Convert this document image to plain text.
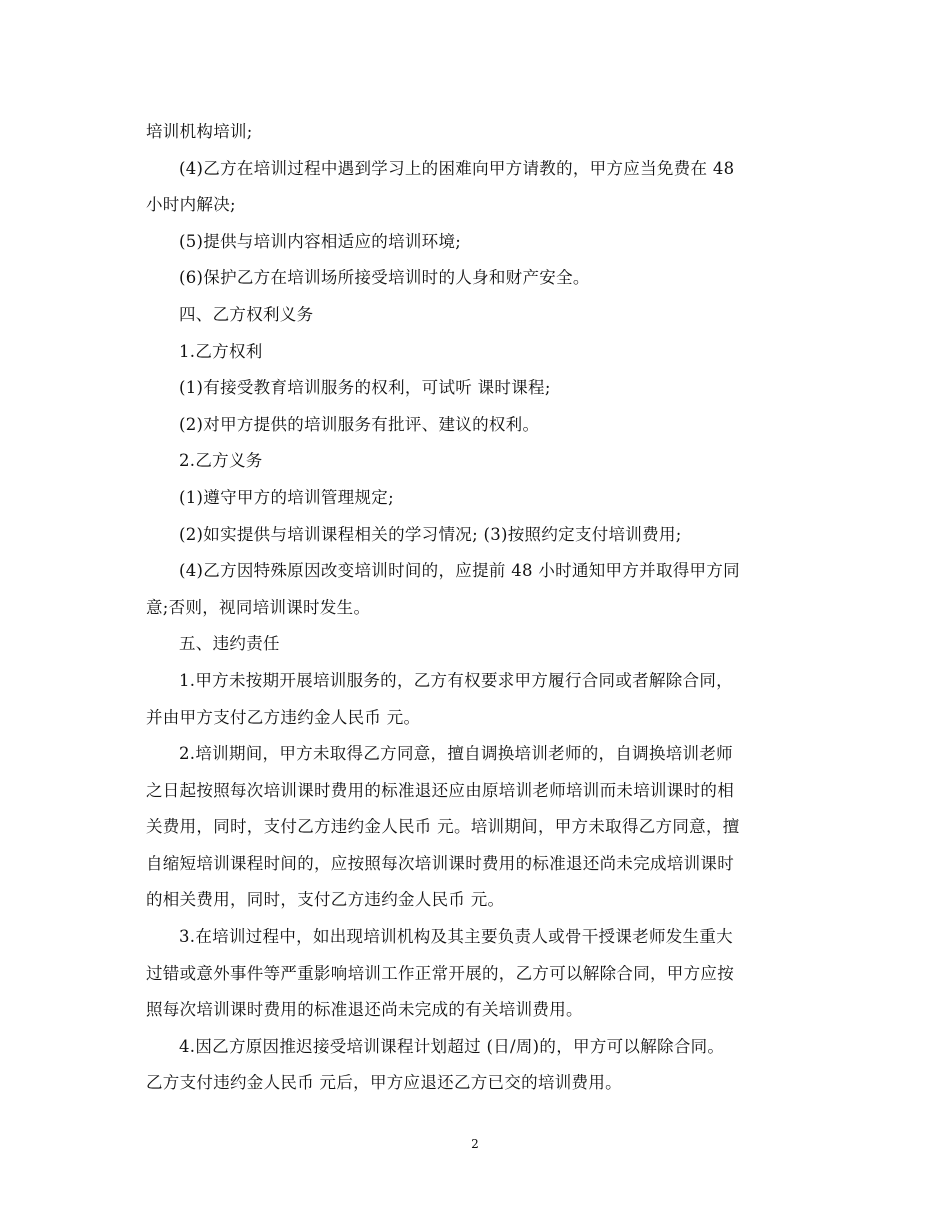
培训机构培训;
(4)乙方在培训过程中遇到学习上的困难向甲方请教的，甲方应当免费在 48
小时内解决;
(5)提供与培训内容相适应的培训环境;
(6)保护乙方在培训场所接受培训时的人身和财产安全。
四、乙方权利义务
1.乙方权利
(1)有接受教育培训服务的权利，可试听 课时课程;
(2)对甲方提供的培训服务有批评、建议的权利。
2.乙方义务
(1)遵守甲方的培训管理规定;
(2)如实提供与培训课程相关的学习情况; (3)按照约定支付培训费用;
(4)乙方因特殊原因改变培训时间的，应提前 48 小时通知甲方并取得甲方同
意;否则，视同培训课时发生。
五、违约责任
1.甲方未按期开展培训服务的，乙方有权要求甲方履行合同或者解除合同，
并由甲方支付乙方违约金人民币 元。
2.培训期间，甲方未取得乙方同意，擅自调换培训老师的，自调换培训老师
之日起按照每次培训课时费用的标准退还应由原培训老师培训而未培训课时的相
关费用，同时，支付乙方违约金人民币 元。培训期间，甲方未取得乙方同意，擅
自缩短培训课程时间的，应按照每次培训课时费用的标准退还尚未完成培训课时
的相关费用，同时，支付乙方违约金人民币 元。
3.在培训过程中，如出现培训机构及其主要负责人或骨干授课老师发生重大
过错或意外事件等严重影响培训工作正常开展的，乙方可以解除合同，甲方应按
照每次培训课时费用的标准退还尚未完成的有关培训费用。
4.因乙方原因推迟接受培训课程计划超过 (日/周)的，甲方可以解除合同。
乙方支付违约金人民币 元后，甲方应退还乙方已交的培训费用。
2
